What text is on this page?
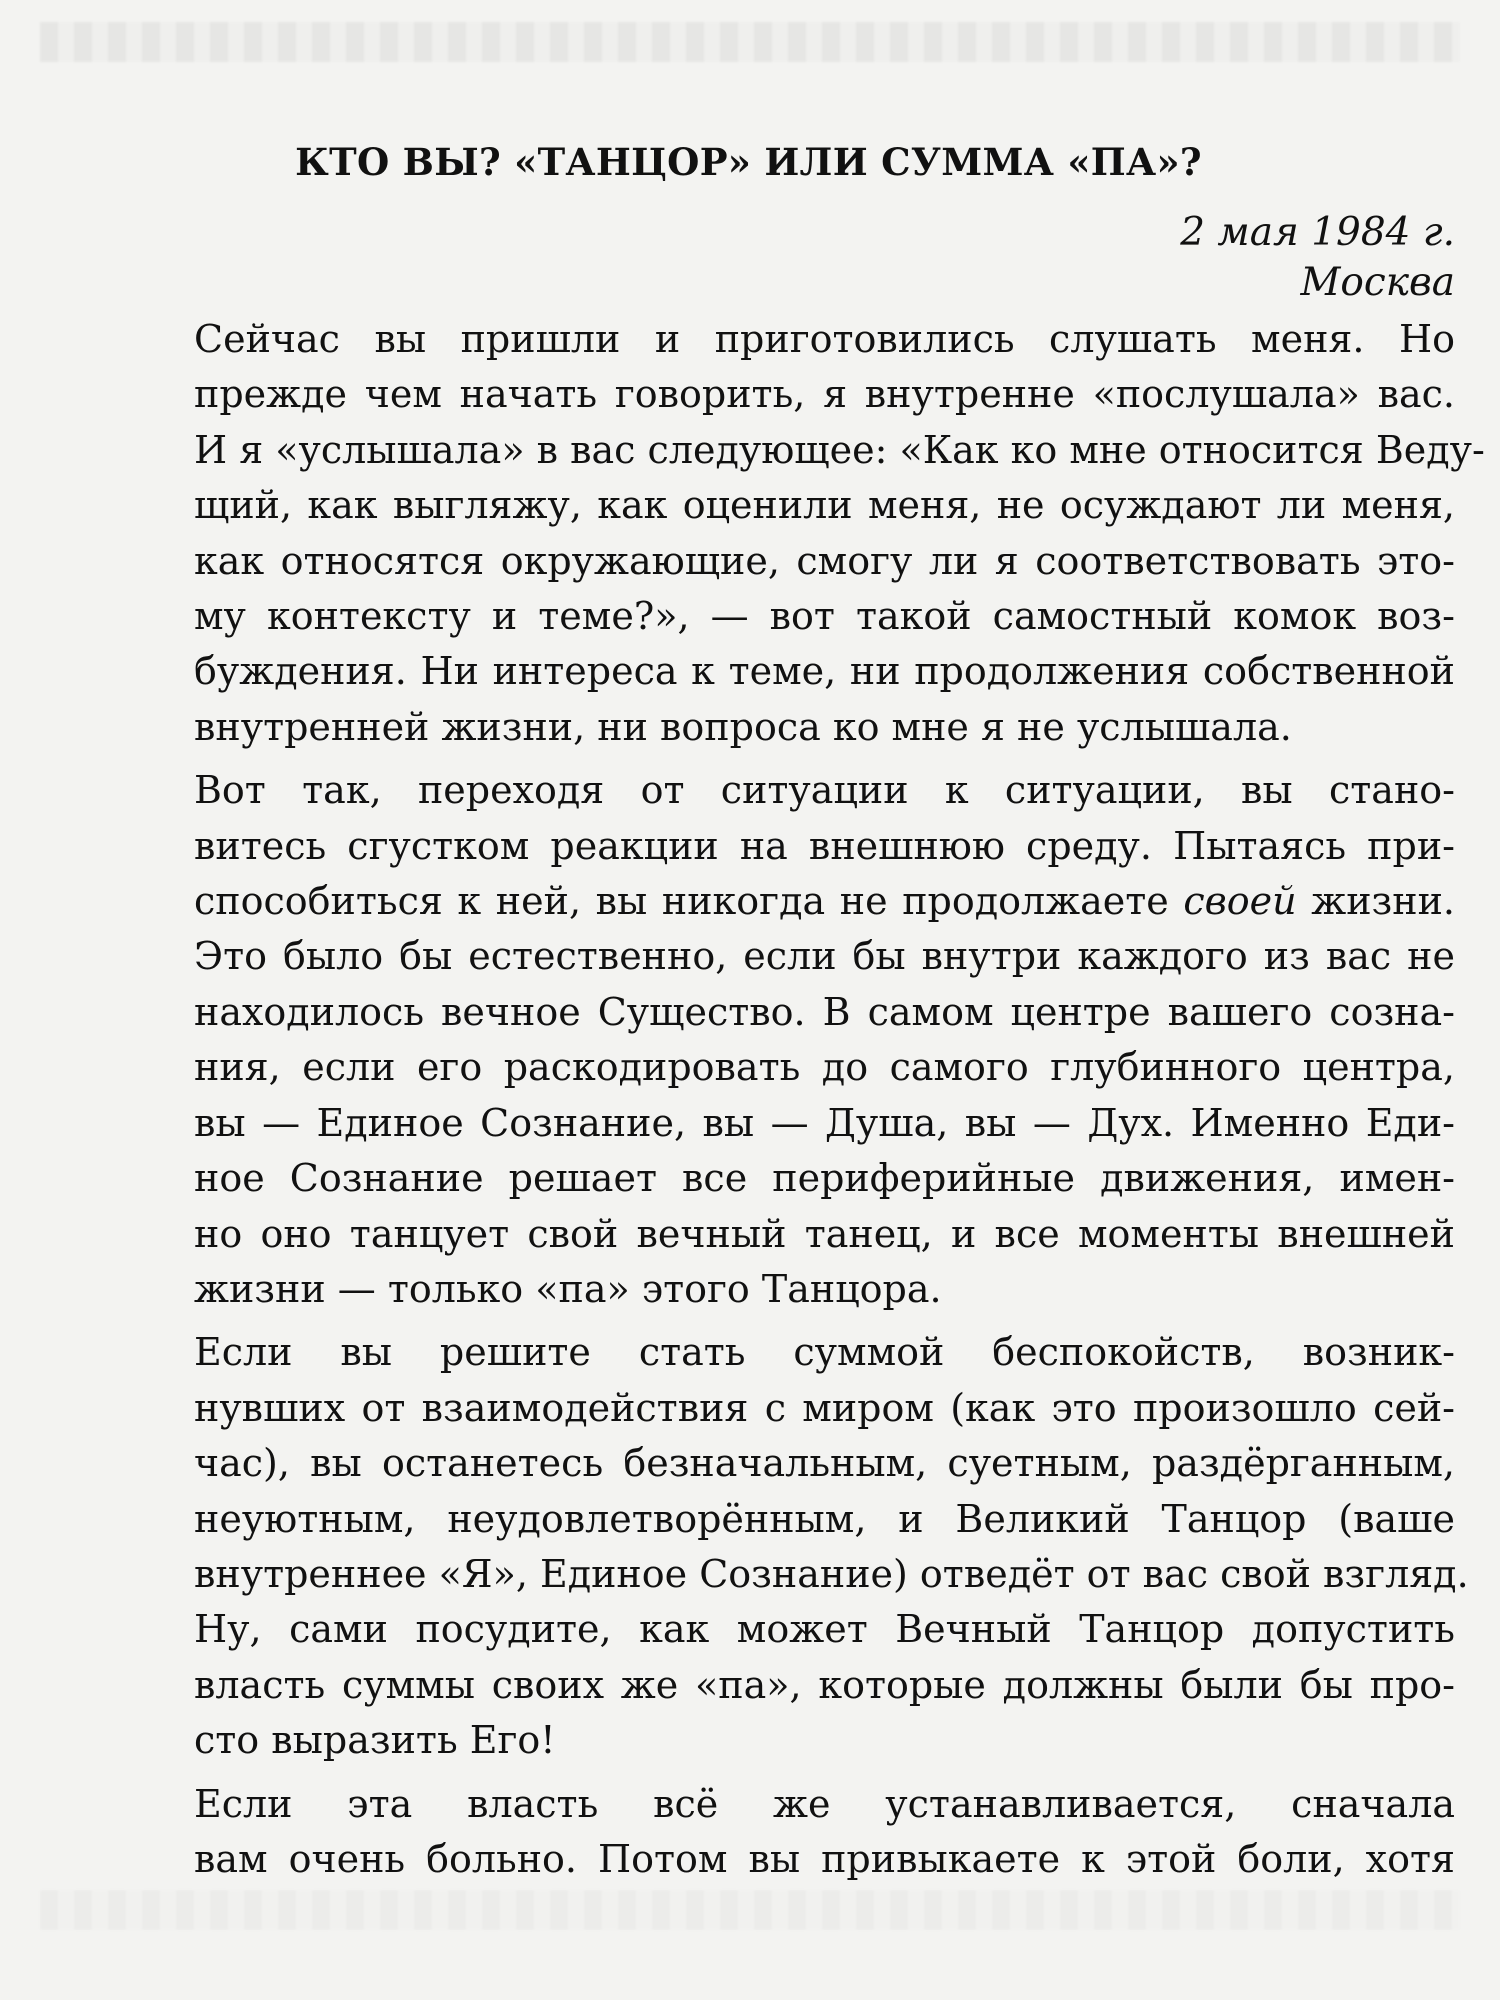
КТО ВЫ? «ТАНЦОР» ИЛИ СУММА «ПА»?

2 мая 1984 г.

Москва

Сейчас вы пришли и приготовились слушать меня. Но
прежде чем начать говорить, я внутренне «послушала» вас.
И я «услышала» в вас следующее: «Как ко мне относится Веду-
щий, как выгляжу, как оценили меня, не осуждают ли меня,
как относятся окружающие, смогу ли я соответствовать это-
му контексту и теме?», — вот такой самостный комок воз-
буждения. Ни интереса к теме, ни продолжения собственной
внутренней жизни, ни вопроса ко мне я не услышала.
Вот так, переходя от ситуации к ситуации, вы стано-
витесь сгустком реакции на внешнюю среду. Пытаясь при-
способиться к ней, вы никогда не продолжаете своей жизни.
Это было бы естественно, если бы внутри каждого из вас не
находилось вечное Существо. В самом центре вашего созна-
ния, если его раскодировать до самого глубинного центра,
вы — Единое Сознание, вы — Душа, вы — Дух. Именно Еди-
ное Сознание решает все периферийные движения, имен-
но оно танцует свой вечный танец, и все моменты внешней
жизни — только «па» этого Танцора.
Если вы решите стать суммой беспокойств, возник-
нувших от взаимодействия с миром (как это произошло сей-
час), вы останетесь безначальным, суетным, раздёрганным,
неуютным, неудовлетворённым, и Великий Танцор (ваше
внутреннее «Я», Единое Сознание) отведёт от вас свой взгляд.
Ну, сами посудите, как может Вечный Танцор допустить
власть суммы своих же «па», которые должны были бы про-
сто выразить Его!
Если эта власть всё же устанавливается, сначала
вам очень больно. Потом вы привыкаете к этой боли, хотя
